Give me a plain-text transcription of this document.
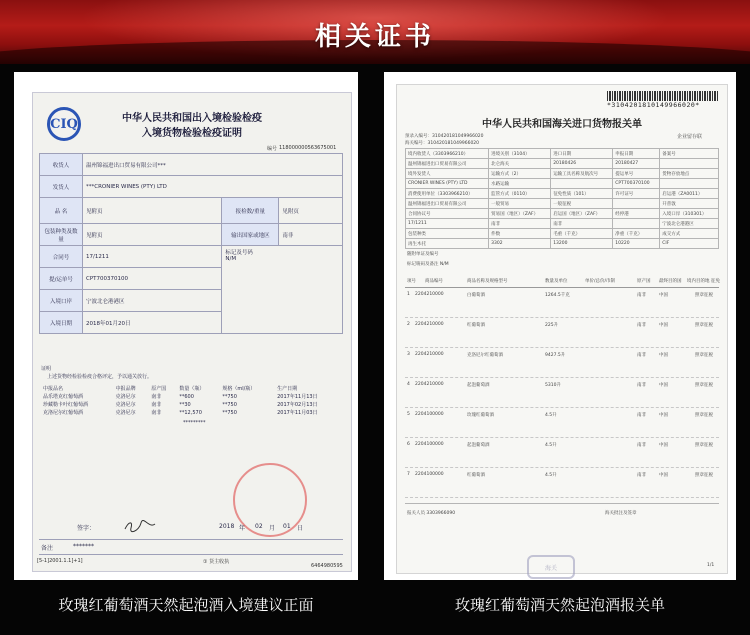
相关证书
CIQ	中华人民共和国出入境检验检疫
入境货物检验检疫证明
编号 118000000563675001
收货人	温州锦福进出口贸易有限公司***		
发货人	***CRONIER WINES (PTY) LTD		
品 名	见附页	报检数/重量	见附页
包装种类及数量	见附页	输出国家或地区	南非
合同号	17/1211	标记及号码
N/M	

提/运单号	CPT700370100		
入境口岸	宁波北仑港港区		
入境日期	2018年01月20日		
证明
上述货物经检验检疫合格评定，予以通关放行。
中报品名	中报品牌	原产国	数量（瓶）	规格（ml/瓶）	生产日期
品乐塔克红葡萄酒	克洛尼尔	南非	**600	**750	2017年11月13日
珍藏勒卡叶红葡萄酒	克洛尼尔	南非	**30	**750	2017年02月13日
克洛尼尔红葡萄酒	克洛尼尔	南非	**12,570	**750	2017年11月03日
*********
签字：	2018 年 02 月 01 日
备注	*******
[5-1]2001.1.1]+1]	① 货主收执
6464980595
*3104201810149966020*
中华人民共和国海关进口货物报关单
预录入编号：310420181049966020
海关编号：310420181049966020
企业留存联
境内收货人（3303966210）	进境关别（3104）	进口日期	申报日期	备案号
温州锦福进出口贸易有限公司	北仑海关	20180426	20180427	
境外发货人	运输方式（2）	运输工具名称及航次号	提运单号	货物存放地点
CRONIER WINES (PTY) LTD	水路运输		CPT700370100	
消费使用单位（3303966210）	监管方式（0110）	征免性质（101）	许可证号	启运港（ZA0011）
温州锦福进出口贸易有限公司	一般贸易	一般征税		开普敦
合同协议号	贸易国（地区）（ZAF）	启运国（地区）（ZAF）	经停港	入境口岸（310301）
17/1211	南非	南非		宁波北仑港港区
包装种类	件数	毛重（千克）	净重（千克）	成交方式
再生木托	3302	13200	10220	CIF
随附单证及编号
标记唛码及备注 N/M
项号 商品编号	商品名称及规格型号	数量及单位	单价/总价/币制	原产国 最终目的国 境内目的地 征免
1 2204210000	白葡萄酒	1264.5千克	南非	中国	照章征税
2 2204210000	红葡萄酒	225升	南非	中国	照章征税
3 2204210000	克洛尼尔红葡萄酒	9427.5升	南非	中国	照章征税
4 2204210000	起泡葡萄酒	5310升	南非	中国	照章征税
5 2204100000	玫瑰红葡萄酒	4.5升	南非	中国	照章征税
6 2204100000	起泡葡萄酒	4.5升	南非	中国	照章征税
7 2204100000	红葡萄酒	4.5升	南非	中国	照章征税
报关人员 3303966090	海关批注及签章
海关	1/1
玫瑰红葡萄酒天然起泡酒入境建议正面	玫瑰红葡萄酒天然起泡酒报关单
